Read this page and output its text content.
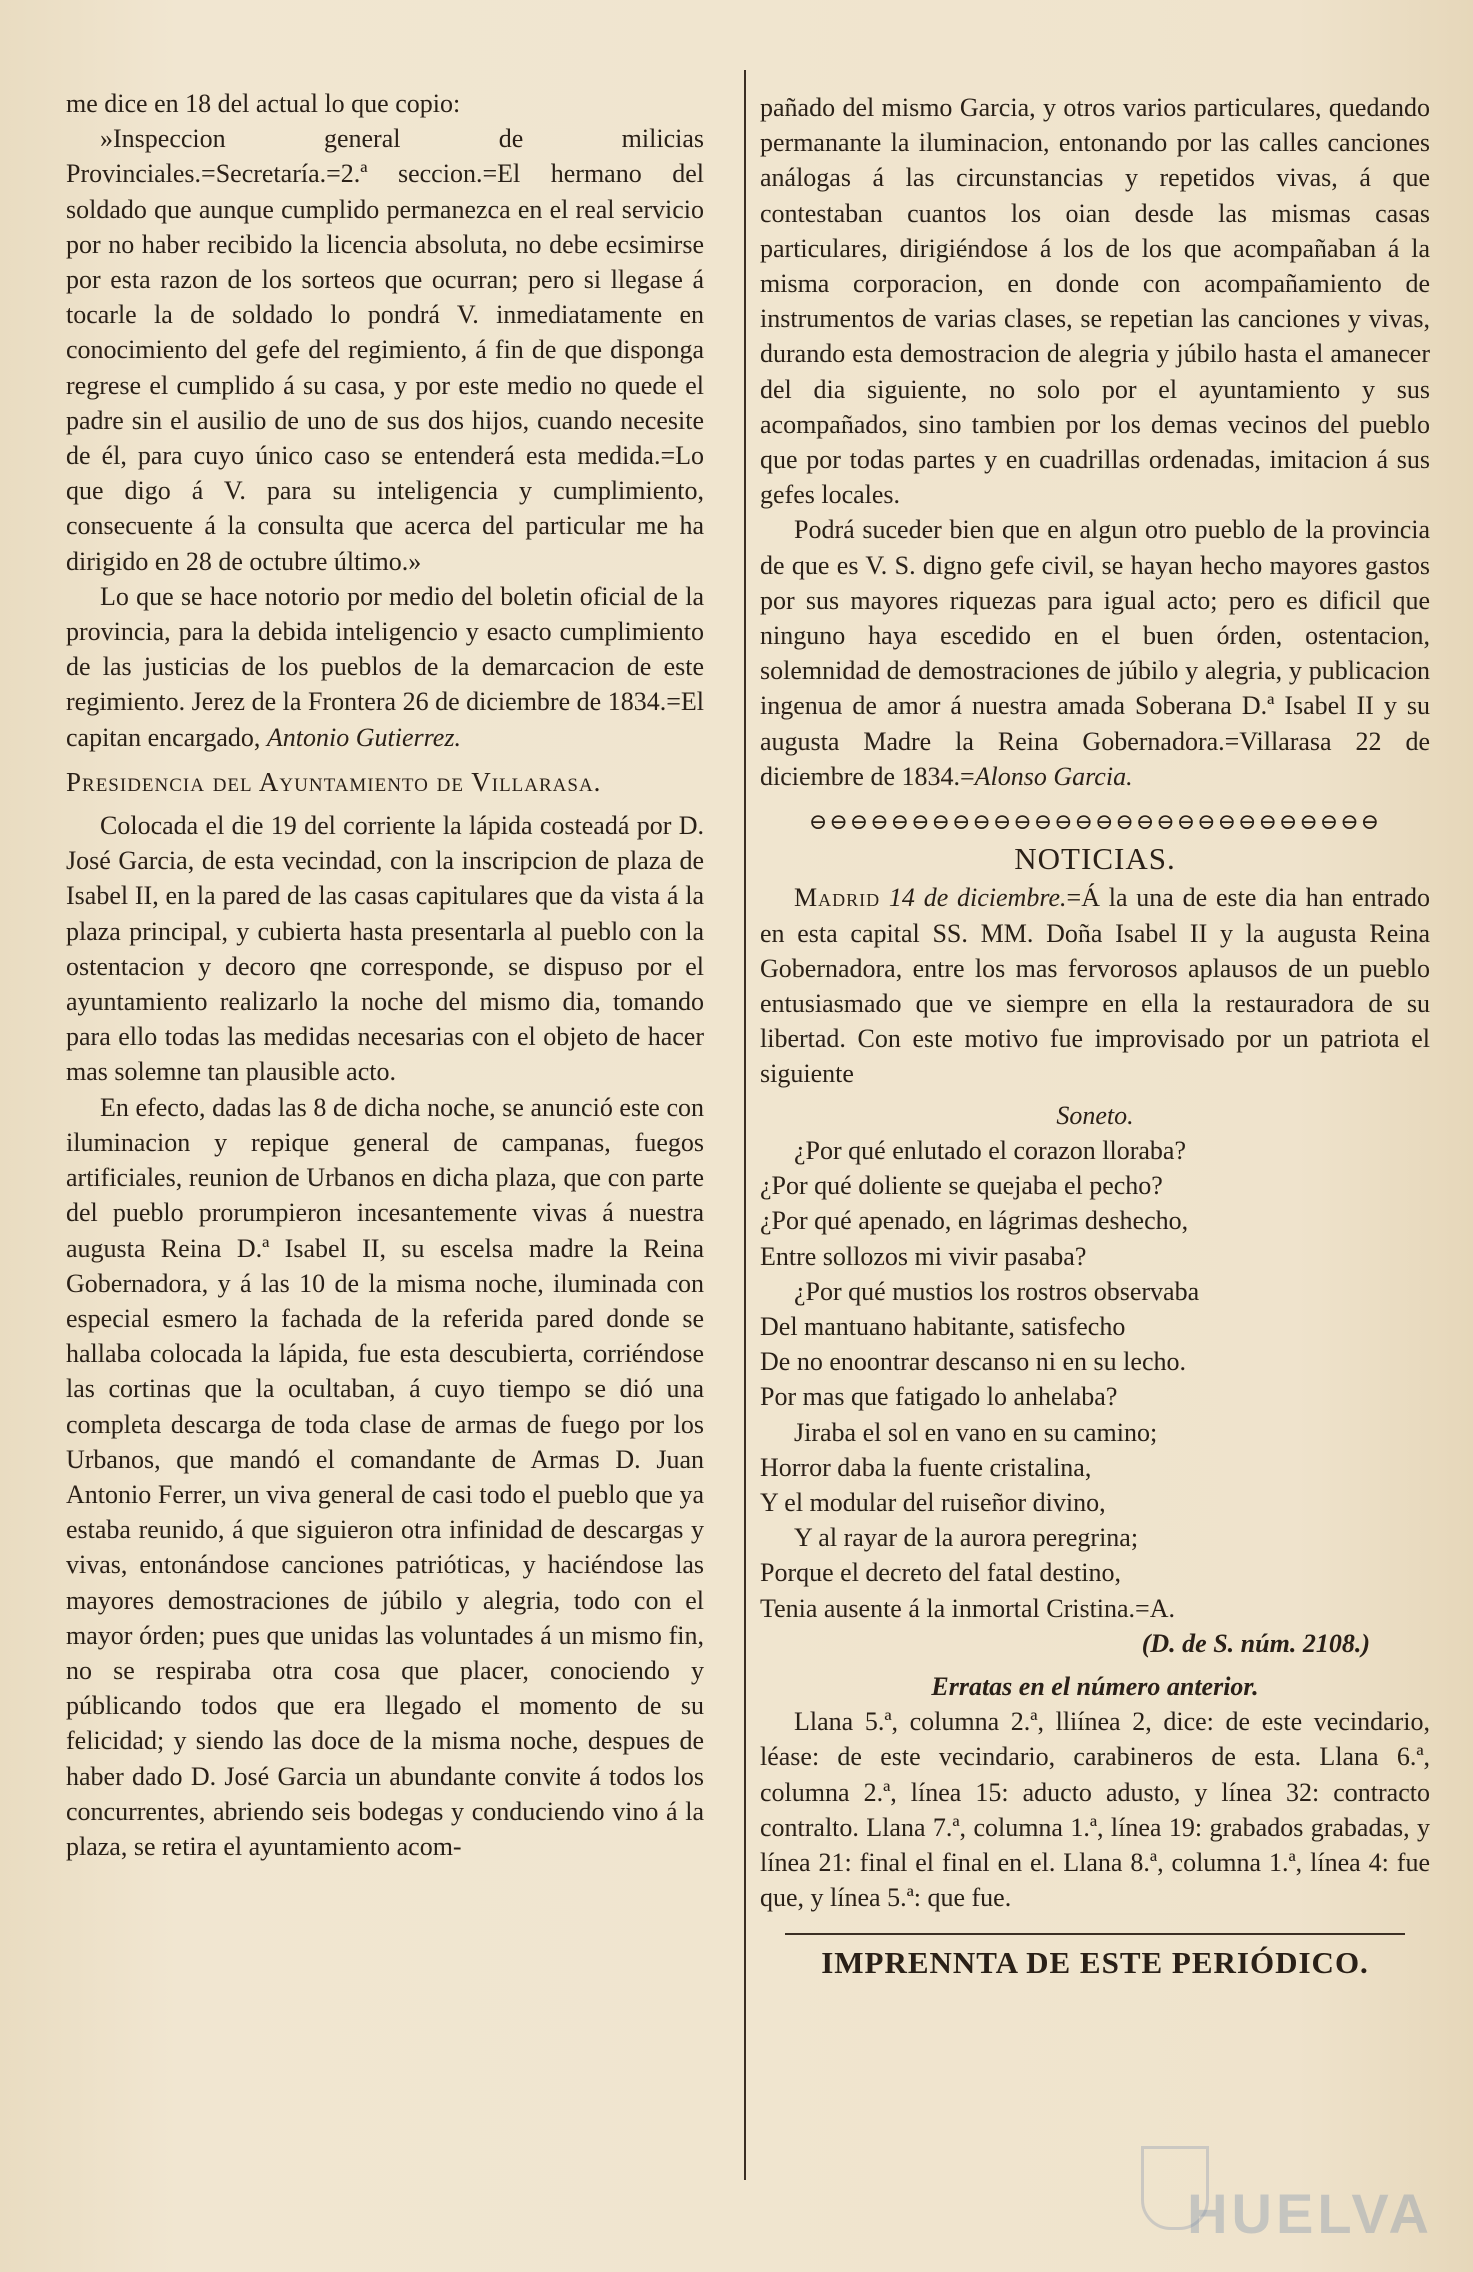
me dice en 18 del actual lo que copio:

»Inspeccion general de milicias Provinciales.=Secretaría.=2.ª seccion.=El hermano del soldado que aunque cumplido permanezca en el real servicio por no haber recibido la licencia absoluta, no debe ecsimirse por esta razon de los sorteos que ocurran; pero si llegase á tocarle la de soldado lo pondrá V. inmediatamente en conocimiento del gefe del regimiento, á fin de que disponga regrese el cumplido á su casa, y por este medio no quede el padre sin el ausilio de uno de sus dos hijos, cuando necesite de él, para cuyo único caso se entenderá esta medida.=Lo que digo á V. para su inteligencia y cumplimiento, consecuente á la consulta que acerca del particular me ha dirigido en 28 de octubre último.»

Lo que se hace notorio por medio del boletin oficial de la provincia, para la debida inteligencio y esacto cumplimiento de las justicias de los pueblos de la demarcacion de este regimiento. Jerez de la Frontera 26 de diciembre de 1834.=El capitan encargado, Antonio Gutierrez.

Presidencia del Ayuntamiento de Villarasa.

Colocada el die 19 del corriente la lápida costeadá por D. José Garcia, de esta vecindad, con la inscripcion de plaza de Isabel II, en la pared de las casas capitulares que da vista á la plaza principal, y cubierta hasta presentarla al pueblo con la ostentacion y decoro qne corresponde, se dispuso por el ayuntamiento realizarlo la noche del mismo dia, tomando para ello todas las medidas necesarias con el objeto de hacer mas solemne tan plausible acto.

En efecto, dadas las 8 de dicha noche, se anunció este con iluminacion y repique general de campanas, fuegos artificiales, reunion de Urbanos en dicha plaza, que con parte del pueblo prorumpieron incesantemente vivas á nuestra augusta Reina D.ª Isabel II, su escelsa madre la Reina Gobernadora, y á las 10 de la misma noche, iluminada con especial esmero la fachada de la referida pared donde se hallaba colocada la lápida, fue esta descubierta, corriéndose las cortinas que la ocultaban, á cuyo tiempo se dió una completa descarga de toda clase de armas de fuego por los Urbanos, que mandó el comandante de Armas D. Juan Antonio Ferrer, un viva general de casi todo el pueblo que ya estaba reunido, á que siguieron otra infinidad de descargas y vivas, entonándose canciones patrióticas, y haciéndose las mayores demostraciones de júbilo y alegria, todo con el mayor órden; pues que unidas las voluntades á un mismo fin, no se respiraba otra cosa que placer, conociendo y públicando todos que era llegado el momento de su felicidad; y siendo las doce de la misma noche, despues de haber dado D. José Garcia un abundante convite á todos los concurrentes, abriendo seis bodegas y conduciendo vino á la plaza, se retira el ayuntamiento acom-

pañado del mismo Garcia, y otros varios particulares, quedando permanante la iluminacion, entonando por las calles canciones análogas á las circunstancias y repetidos vivas, á que contestaban cuantos los oian desde las mismas casas particulares, dirigiéndose á los de los que acompañaban á la misma corporacion, en donde con acompañamiento de instrumentos de varias clases, se repetian las canciones y vivas, durando esta demostracion de alegria y júbilo hasta el amanecer del dia siguiente, no solo por el ayuntamiento y sus acompañados, sino tambien por los demas vecinos del pueblo que por todas partes y en cuadrillas ordenadas, imitacion á sus gefes locales.

Podrá suceder bien que en algun otro pueblo de la provincia de que es V. S. digno gefe civil, se hayan hecho mayores gastos por sus mayores riquezas para igual acto; pero es dificil que ninguno haya escedido en el buen órden, ostentacion, solemnidad de demostraciones de júbilo y alegria, y publicacion ingenua de amor á nuestra amada Soberana D.ª Isabel II y su augusta Madre la Reina Gobernadora.=Villarasa 22 de diciembre de 1834.=Alonso Garcia.

⊖⊖⊖⊖⊖⊖⊖⊖⊖⊖⊖⊖⊖⊖⊖⊖⊖⊖⊖⊖⊖⊖⊖⊖⊖⊖⊖⊖
NOTICIAS.

Madrid 14 de diciembre.=Á la una de este dia han entrado en esta capital SS. MM. Doña Isabel II y la augusta Reina Gobernadora, entre los mas fervorosos aplausos de un pueblo entusiasmado que ve siempre en ella la restauradora de su libertad. Con este motivo fue improvisado por un patriota el siguiente

Soneto.
¿Por qué enlutado el corazon lloraba?
¿Por qué doliente se quejaba el pecho?
¿Por qué apenado, en lágrimas deshecho,
Entre sollozos mi vivir pasaba?
¿Por qué mustios los rostros observaba
Del mantuano habitante, satisfecho
De no enoontrar descanso ni en su lecho.
Por mas que fatigado lo anhelaba?
Jiraba el sol en vano en su camino;
Horror daba la fuente cristalina,
Y el modular del ruiseñor divino,
Y al rayar de la aurora peregrina;
Porque el decreto del fatal destino,
Tenia ausente á la inmortal Cristina.=A.
(D. de S. núm. 2108.)
Erratas en el número anterior.

Llana 5.ª, columna 2.ª, lliínea 2, dice: de este vecindario, léase: de este vecindario, carabineros de esta. Llana 6.ª, columna 2.ª, línea 15: aducto adusto, y línea 32: contracto contralto. Llana 7.ª, columna 1.ª, línea 19: grabados grabadas, y línea 21: final el final en el. Llana 8.ª, columna 1.ª, línea 4: fue que, y línea 5.ª: que fue.

IMPRENNTA DE ESTE PERIÓDICO.
HUELVA
